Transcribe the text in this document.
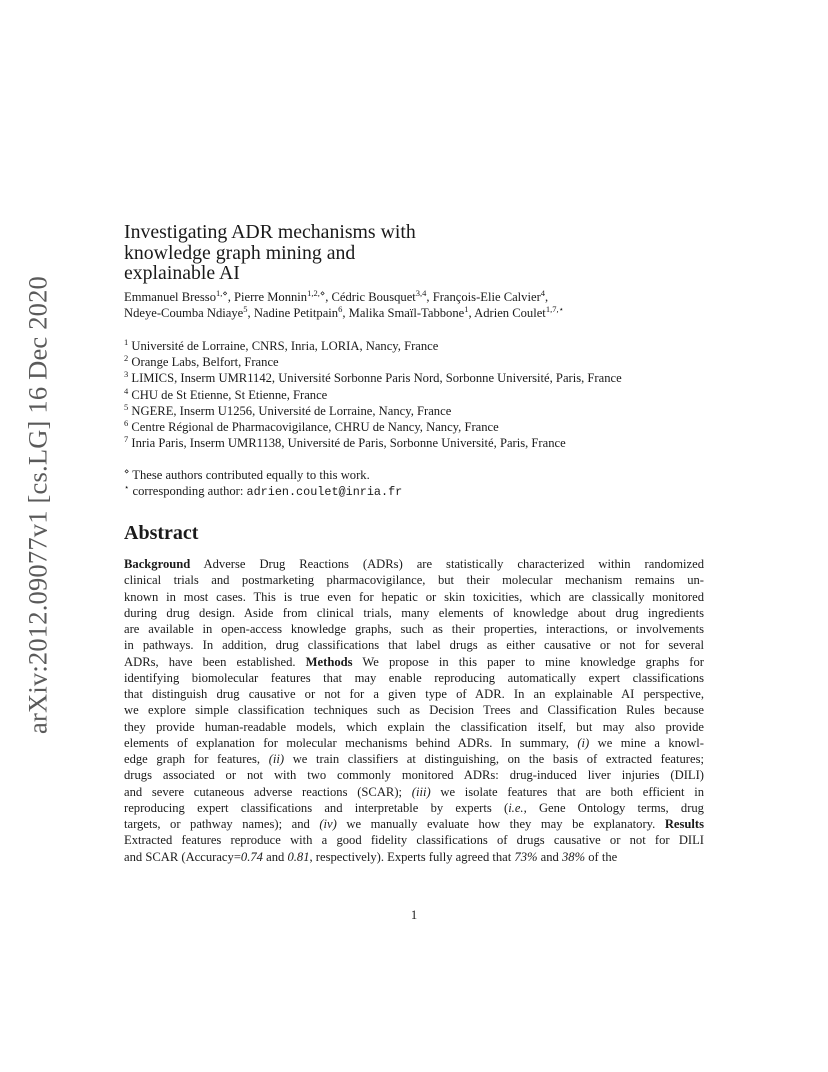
arXiv:2012.09077v1 [cs.LG] 16 Dec 2020
Investigating ADR mechanisms with
knowledge graph mining and
explainable AI
Emmanuel Bresso$^{1,⋄}$, Pierre Monnin$^{1,2,⋄}$, Cédric Bousquet$^{3,4}$, François-Elie Calvier$^4$,
Ndeye-Coumba Ndiaye$^5$, Nadine Petitpain$^6$, Malika Smaïl-Tabbone$^1$, Adrien Coulet$^{1,7,⋆}$
$^1$ Université de Lorraine, CNRS, Inria, LORIA, Nancy, France
$^2$ Orange Labs, Belfort, France
$^3$ LIMICS, Inserm UMR1142, Université Sorbonne Paris Nord, Sorbonne Université, Paris, France
$^4$ CHU de St Etienne, St Etienne, France
$^5$ NGERE, Inserm U1256, Université de Lorraine, Nancy, France
$^6$ Centre Régional de Pharmacovigilance, CHRU de Nancy, Nancy, France
$^7$ Inria Paris, Inserm UMR1138, Université de Paris, Sorbonne Université, Paris, France
⋄ These authors contributed equally to this work.
⋆ corresponding author: adrien.coulet@inria.fr
Abstract
Background Adverse Drug Reactions (ADRs) are statistically characterized within randomized
clinical trials and postmarketing pharmacovigilance, but their molecular mechanism remains un-
known in most cases. This is true even for hepatic or skin toxicities, which are classically monitored
during drug design. Aside from clinical trials, many elements of knowledge about drug ingredients
are available in open-access knowledge graphs, such as their properties, interactions, or involvements
in pathways. In addition, drug classifications that label drugs as either causative or not for several
ADRs, have been established. Methods We propose in this paper to mine knowledge graphs for
identifying biomolecular features that may enable reproducing automatically expert classifications
that distinguish drug causative or not for a given type of ADR. In an explainable AI perspective,
we explore simple classification techniques such as Decision Trees and Classification Rules because
they provide human-readable models, which explain the classification itself, but may also provide
elements of explanation for molecular mechanisms behind ADRs. In summary, (i) we mine a knowl-
edge graph for features, (ii) we train classifiers at distinguishing, on the basis of extracted features;
drugs associated or not with two commonly monitored ADRs: drug-induced liver injuries (DILI)
and severe cutaneous adverse reactions (SCAR); (iii) we isolate features that are both efficient in
reproducing expert classifications and interpretable by experts (i.e., Gene Ontology terms, drug
targets, or pathway names); and (iv) we manually evaluate how they may be explanatory. Results
Extracted features reproduce with a good fidelity classifications of drugs causative or not for DILI
and SCAR (Accuracy=0.74 and 0.81, respectively). Experts fully agreed that 73% and 38% of the
1
